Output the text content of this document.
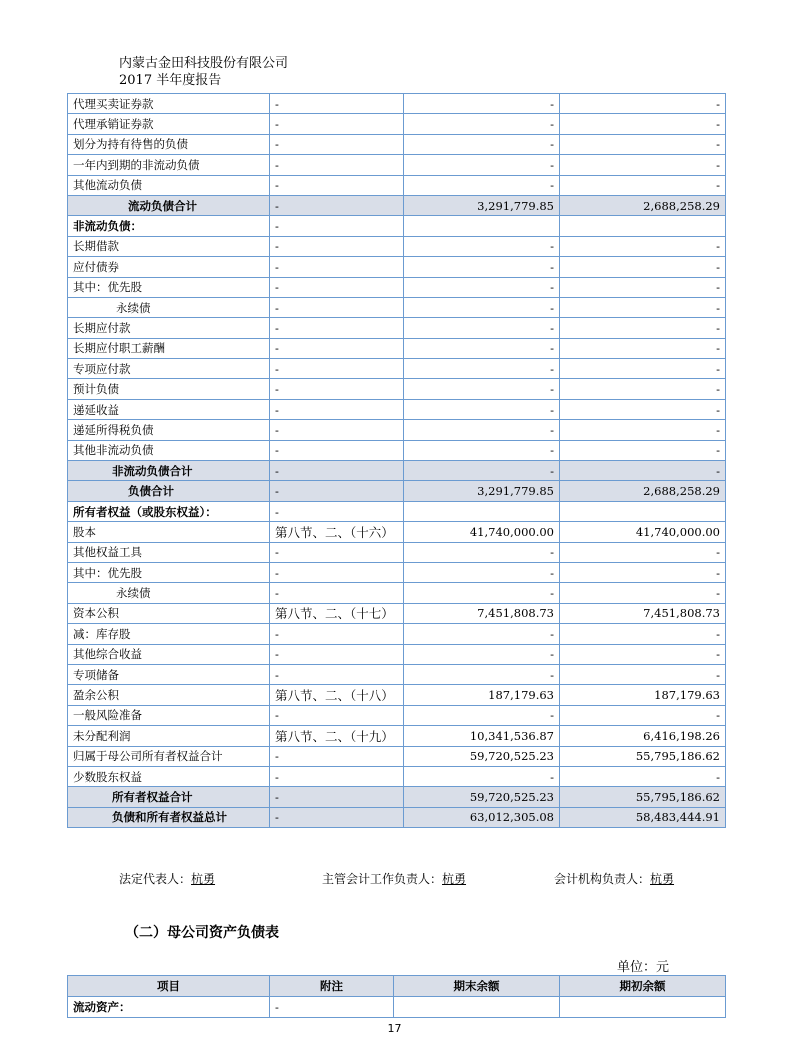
内蒙古金田科技股份有限公司
2017 半年度报告
代理买卖证券款	-	-	-
代理承销证券款	-	-	-
划分为持有待售的负债	-	-	-
一年内到期的非流动负债	-	-	-
其他流动负债	-	-	-
流动负债合计	-	3,291,779.85	2,688,258.29
非流动负债：	-		
长期借款	-	-	-
应付债券	-	-	-
其中：优先股	-	-	-
永续债	-	-	-
长期应付款	-	-	-
长期应付职工薪酬	-	-	-
专项应付款	-	-	-
预计负债	-	-	-
递延收益	-	-	-
递延所得税负债	-	-	-
其他非流动负债	-	-	-
非流动负债合计	-	-	-
负债合计	-	3,291,779.85	2,688,258.29
所有者权益（或股东权益）：	-		
股本	第八节、二、（十六）	41,740,000.00	41,740,000.00
其他权益工具	-	-	-
其中：优先股	-	-	-
永续债	-	-	-
资本公积	第八节、二、（十七）	7,451,808.73	7,451,808.73
减：库存股	-	-	-
其他综合收益	-	-	-
专项储备	-	-	-
盈余公积	第八节、二、（十八）	187,179.63	187,179.63
一般风险准备	-	-	-
未分配利润	第八节、二、（十九）	10,341,536.87	6,416,198.26
归属于母公司所有者权益合计	-	59,720,525.23	55,795,186.62
少数股东权益	-	-	-
所有者权益合计	-	59,720,525.23	55,795,186.62
负债和所有者权益总计	-	63,012,305.08	58,483,444.91
法定代表人：杭勇	主管会计工作负责人：杭勇	会计机构负责人：杭勇
（二）母公司资产负债表
单位：元
项目	附注	期末余额	期初余额
流动资产：	-		
17
